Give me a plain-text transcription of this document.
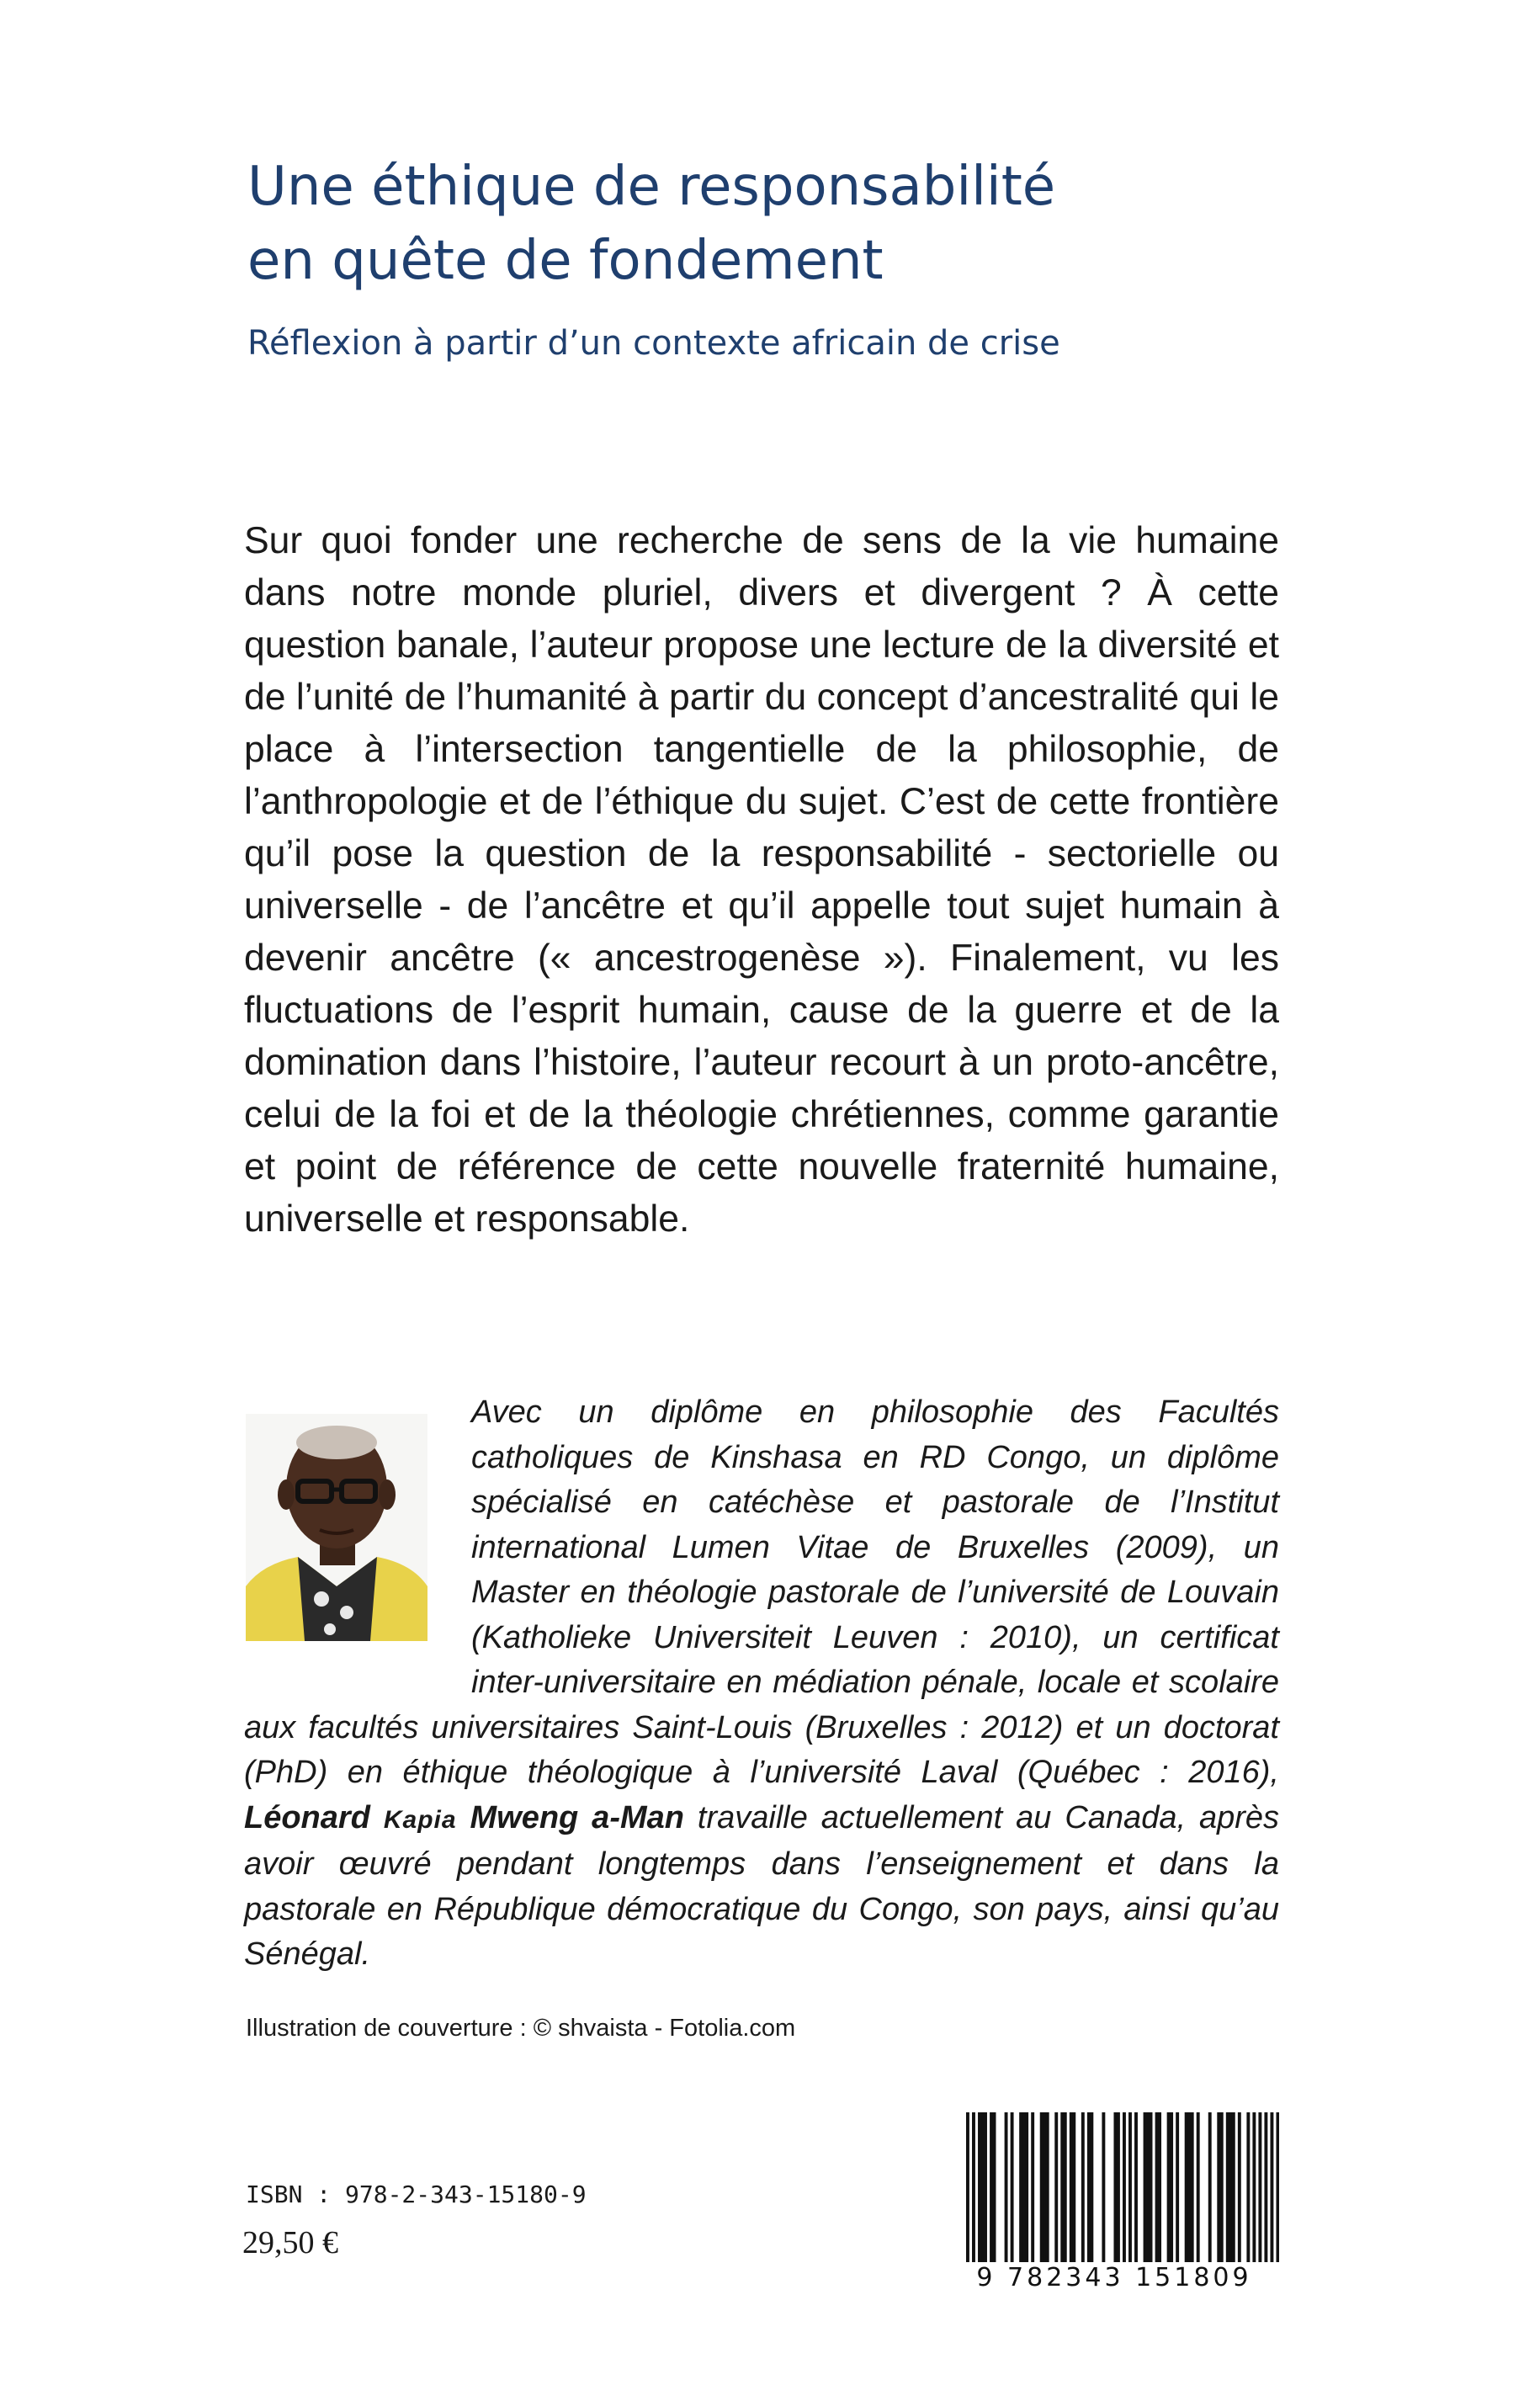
Une éthique de responsabilité
en quête de fondement
Réflexion à partir d’un contexte africain de crise

Sur quoi fonder une recherche de sens de la vie humaine dans notre monde pluriel, divers et divergent ? À cette question banale, l’auteur propose une lecture de la diversité et de l’unité de l’humanité à partir du concept d’ancestralité qui le place à l’intersection tangentielle de la philosophie, de l’anthropologie et de l’éthique du sujet. C’est de cette frontière qu’il pose la question de la responsabilité - sectorielle ou universelle - de l’ancêtre et qu’il appelle tout sujet humain à devenir ancêtre (« ancestrogenèse »). Finalement, vu les fluctuations de l’esprit humain, cause de la guerre et de la domination dans l’histoire, l’auteur recourt à un proto-ancêtre, celui de la foi et de la théologie chrétiennes, comme garantie et point de référence de cette nouvelle fraternité humaine, universelle et responsable.

Avec un diplôme en philosophie des Facultés catholiques de Kinshasa en RD Congo, un diplôme spécialisé en catéchèse et pastorale de l’Institut international Lumen Vitae de Bruxelles (2009), un Master en théologie pastorale de l’université de Louvain (Katholieke Universiteit Leuven : 2010), un certificat inter-universitaire en médiation pénale, locale et scolaire aux facultés universitaires Saint-Louis (Bruxelles : 2012) et un doctorat (PhD) en éthique théologique à l’université Laval (Québec : 2016), Léonard Kapia Mweng a-Man travaille actuellement au Canada, après avoir œuvré pendant longtemps dans l’enseignement et dans la pastorale en République démocratique du Congo, son pays, ainsi qu’au Sénégal.

Illustration de couverture : © shvaista - Fotolia.com
ISBN : 978-2-343-15180-9
29,50 €
9 782343 151809
